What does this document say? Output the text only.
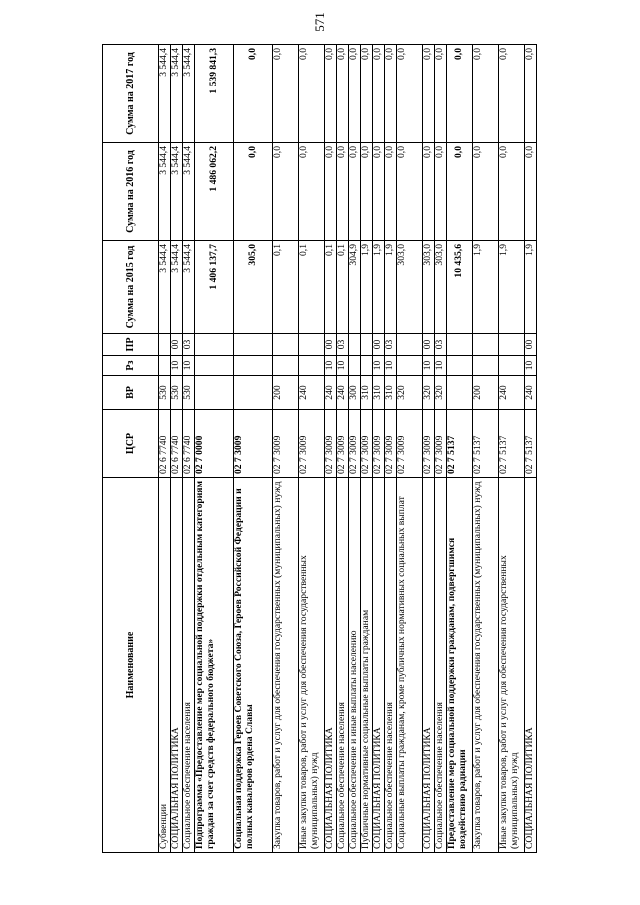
571
Наименование	ЦСР	ВР	Рз	ПР	Сумма на 2015 год	Сумма на 2016 год	Сумма на 2017 год
Субвенции	02 6 7740	530			3 544,4	3 544,4	3 544,4
СОЦИАЛЬНАЯ ПОЛИТИКА	02 6 7740	530	10	00	3 544,4	3 544,4	3 544,4
Социальное обеспечение населения	02 6 7740	530	10	03	3 544,4	3 544,4	3 544,4
Подпрограмма «Предоставление мер социальной поддержки отдельным категориям граждан за счет средств федерального бюджета»	02 7 0000				1 406 137,7	1 486 062,2	1 539 841,3
Социальная поддержка Героев Советского Союза, Героев Российской Федерации и полных кавалеров ордена Славы	02 7 3009				305,0	0,0	0,0
Закупка товаров, работ и услуг для обеспечения государственных (муниципальных) нужд	02 7 3009	200			0,1	0,0	0,0
Иные закупки товаров, работ и услуг для обеспечения государственных (муниципальных) нужд	02 7 3009	240			0,1	0,0	0,0
СОЦИАЛЬНАЯ ПОЛИТИКА	02 7 3009	240	10	00	0,1	0,0	0,0
Социальное обеспечение населения	02 7 3009	240	10	03	0,1	0,0	0,0
Социальное обеспечение и иные выплаты населению	02 7 3009	300			304,9	0,0	0,0
Публичные нормативные социальные выплаты гражданам	02 7 3009	310			1,9	0,0	0,0
СОЦИАЛЬНАЯ ПОЛИТИКА	02 7 3009	310	10	00	1,9	0,0	0,0
Социальное обеспечение населения	02 7 3009	310	10	03	1,9	0,0	0,0
Социальные выплаты гражданам, кроме публичных нормативных социальных выплат	02 7 3009	320			303,0	0,0	0,0
СОЦИАЛЬНАЯ ПОЛИТИКА	02 7 3009	320	10	00	303,0	0,0	0,0
Социальное обеспечение населения	02 7 3009	320	10	03	303,0	0,0	0,0
Предоставление мер социальной поддержки гражданам, подвергшимся воздействию радиации	02 7 5137				10 435,6	0,0	0,0
Закупка товаров, работ и услуг для обеспечения государственных (муниципальных) нужд	02 7 5137	200			1,9	0,0	0,0
Иные закупки товаров, работ и услуг для обеспечения государственных (муниципальных) нужд	02 7 5137	240			1,9	0,0	0,0
СОЦИАЛЬНАЯ ПОЛИТИКА	02 7 5137	240	10	00	1,9	0,0	0,0
